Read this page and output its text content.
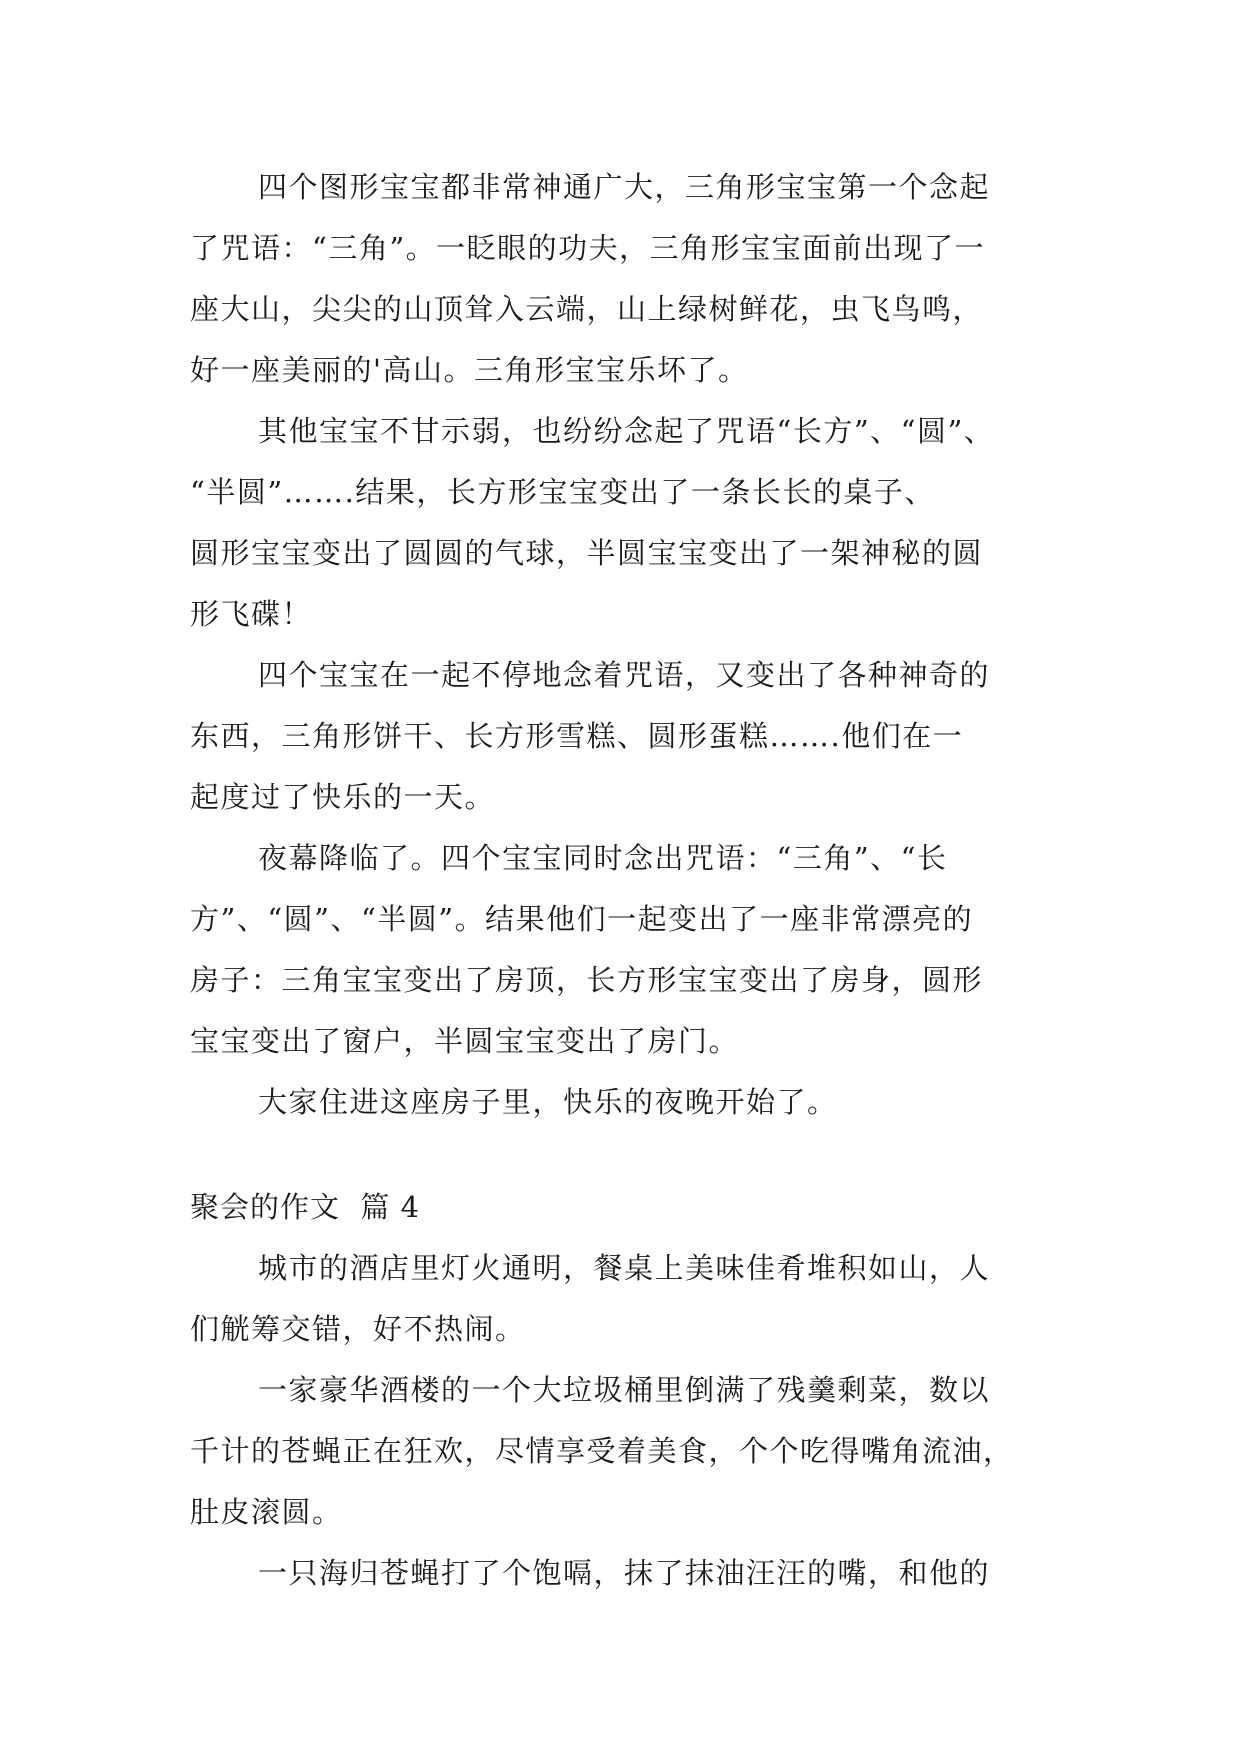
四个图形宝宝都非常神通广大，三角形宝宝第一个念起
了咒语：“三角”。一眨眼的功夫，三角形宝宝面前出现了一
座大山，尖尖的山顶耸入云端，山上绿树鲜花，虫飞鸟鸣，
好一座美丽的'高山。三角形宝宝乐坏了。

其他宝宝不甘示弱，也纷纷念起了咒语“长方”、“圆”、
“半圆”…….结果，长方形宝宝变出了一条长长的桌子、
圆形宝宝变出了圆圆的气球，半圆宝宝变出了一架神秘的圆
形飞碟！

四个宝宝在一起不停地念着咒语，又变出了各种神奇的
东西，三角形饼干、长方形雪糕、圆形蛋糕…….他们在一
起度过了快乐的一天。

夜幕降临了。四个宝宝同时念出咒语：“三角”、“长
方”、“圆”、“半圆”。结果他们一起变出了一座非常漂亮的
房子：三角宝宝变出了房顶，长方形宝宝变出了房身，圆形
宝宝变出了窗户，半圆宝宝变出了房门。

大家住进这座房子里，快乐的夜晚开始了。

聚会的作文  篇 4

城市的酒店里灯火通明，餐桌上美味佳肴堆积如山，人
们觥筹交错，好不热闹。

一家豪华酒楼的一个大垃圾桶里倒满了残羹剩菜，数以
千计的苍蝇正在狂欢，尽情享受着美食，个个吃得嘴角流油，
肚皮滚圆。

一只海归苍蝇打了个饱嗝，抹了抹油汪汪的嘴，和他的
